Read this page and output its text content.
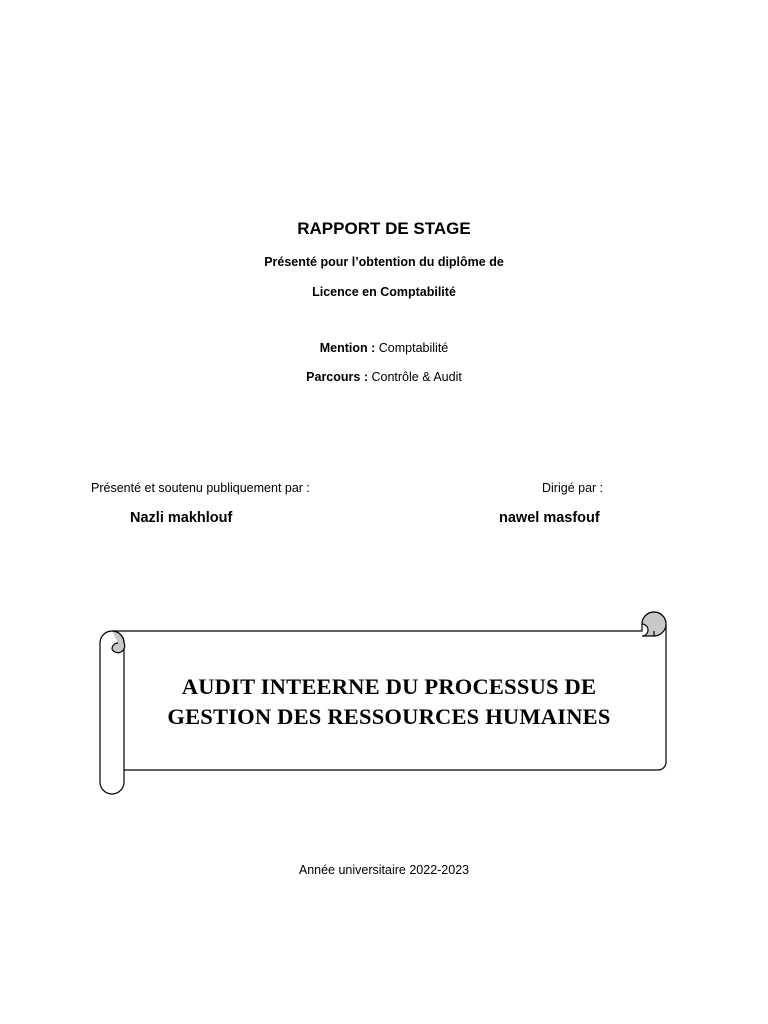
RAPPORT DE STAGE
Présenté pour l’obtention du diplôme de
Licence en Comptabilité
Mention : Comptabilité
Parcours : Contrôle & Audit
Présenté et soutenu publiquement par :	Dirigé par :
Nazli makhlouf	nawel masfouf
AUDIT INTEERNE DU PROCESSUS DE
GESTION DES RESSOURCES HUMAINES
Année universitaire 2022-2023
